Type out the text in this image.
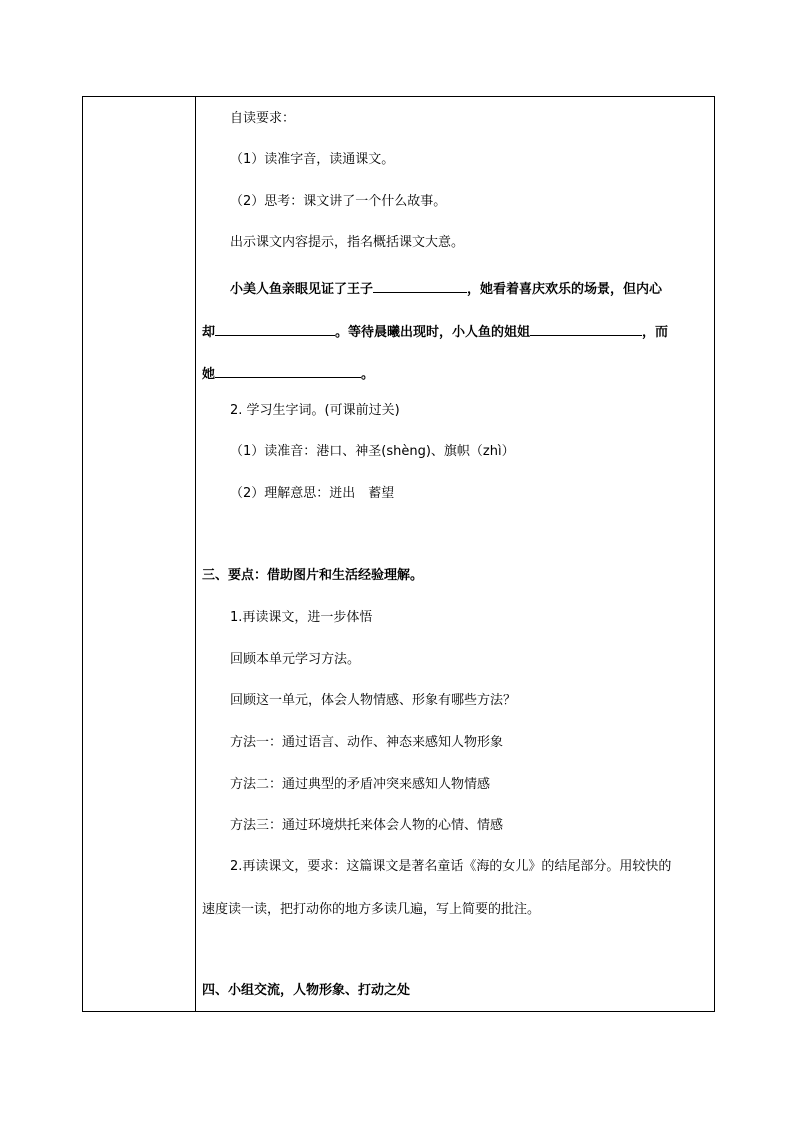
自读要求：
（1）读准字音，读通课文。
（2）思考：课文讲了一个什么故事。
出示课文内容提示，指名概括课文大意。
小美人鱼亲眼见证了王子	，她看着喜庆欢乐的场景，但内心
却	。等待晨曦出现时，小人鱼的姐姐	，而
她	。
2. 学习生字词。(可课前过关)
（1）读准音：港口、神圣(shèng)、旗帜（zhì）
（2）理解意思：迸出　蓄望
三、要点：借助图片和生活经验理解。
1.再读课文，进一步体悟
回顾本单元学习方法。
回顾这一单元，体会人物情感、形象有哪些方法？
方法一：通过语言、动作、神态来感知人物形象
方法二：通过典型的矛盾冲突来感知人物情感
方法三：通过环境烘托来体会人物的心情、情感
2.再读课文，要求：这篇课文是著名童话《海的女儿》的结尾部分。用较快的
速度读一读，把打动你的地方多读几遍，写上简要的批注。
四、小组交流，人物形象、打动之处
